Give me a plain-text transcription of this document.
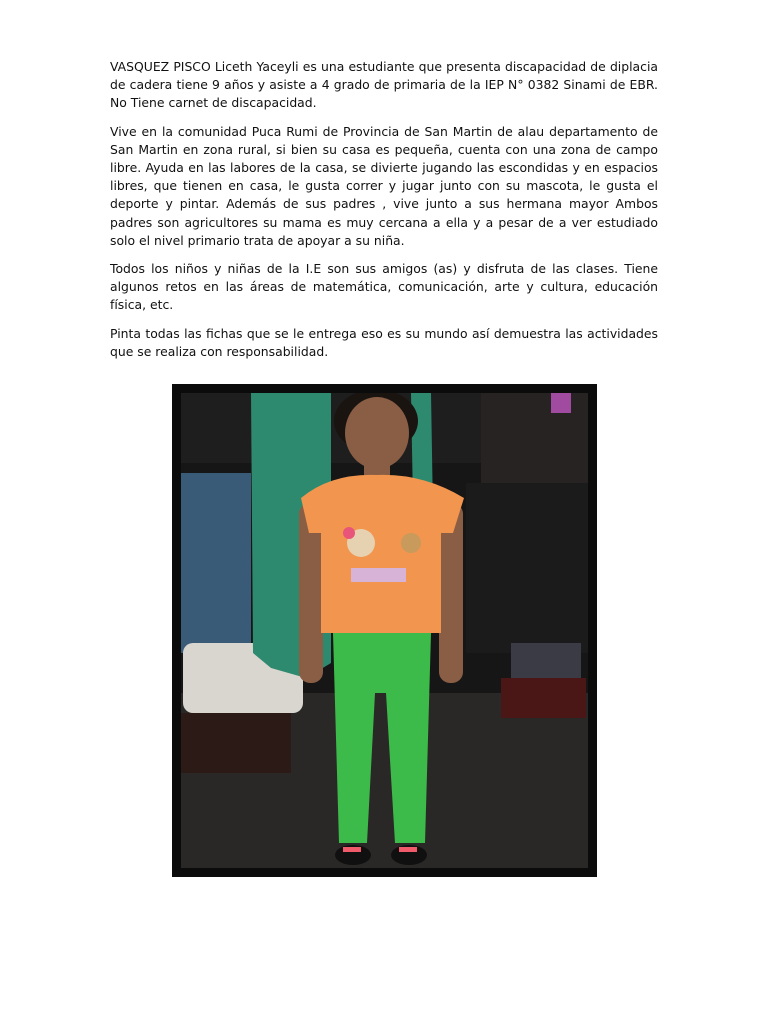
VASQUEZ PISCO Liceth Yaceyli es una estudiante que presenta discapacidad de diplacia de cadera tiene 9 años y asiste a 4 grado de primaria de la IEP N° 0382 Sinami de EBR. No Tiene carnet de discapacidad.

Vive en la comunidad Puca Rumi de Provincia de San Martin de alau departamento de San Martin en zona rural, si bien su casa es pequeña, cuenta con una zona de campo libre. Ayuda en las labores de la casa, se divierte jugando las escondidas y en espacios libres, que tienen en casa, le gusta correr y jugar junto con su mascota, le gusta el deporte y pintar. Además de sus padres , vive junto a sus hermana mayor Ambos padres son agricultores su mama es muy cercana a ella y a pesar de a ver estudiado solo el nivel primario trata de apoyar a su niña.

Todos los niños y niñas de la I.E son sus amigos (as) y disfruta de las clases. Tiene algunos retos en las áreas de matemática, comunicación, arte y cultura, educación física, etc.

Pinta todas las fichas que se le entrega eso es su mundo así demuestra las actividades que se realiza con responsabilidad.
